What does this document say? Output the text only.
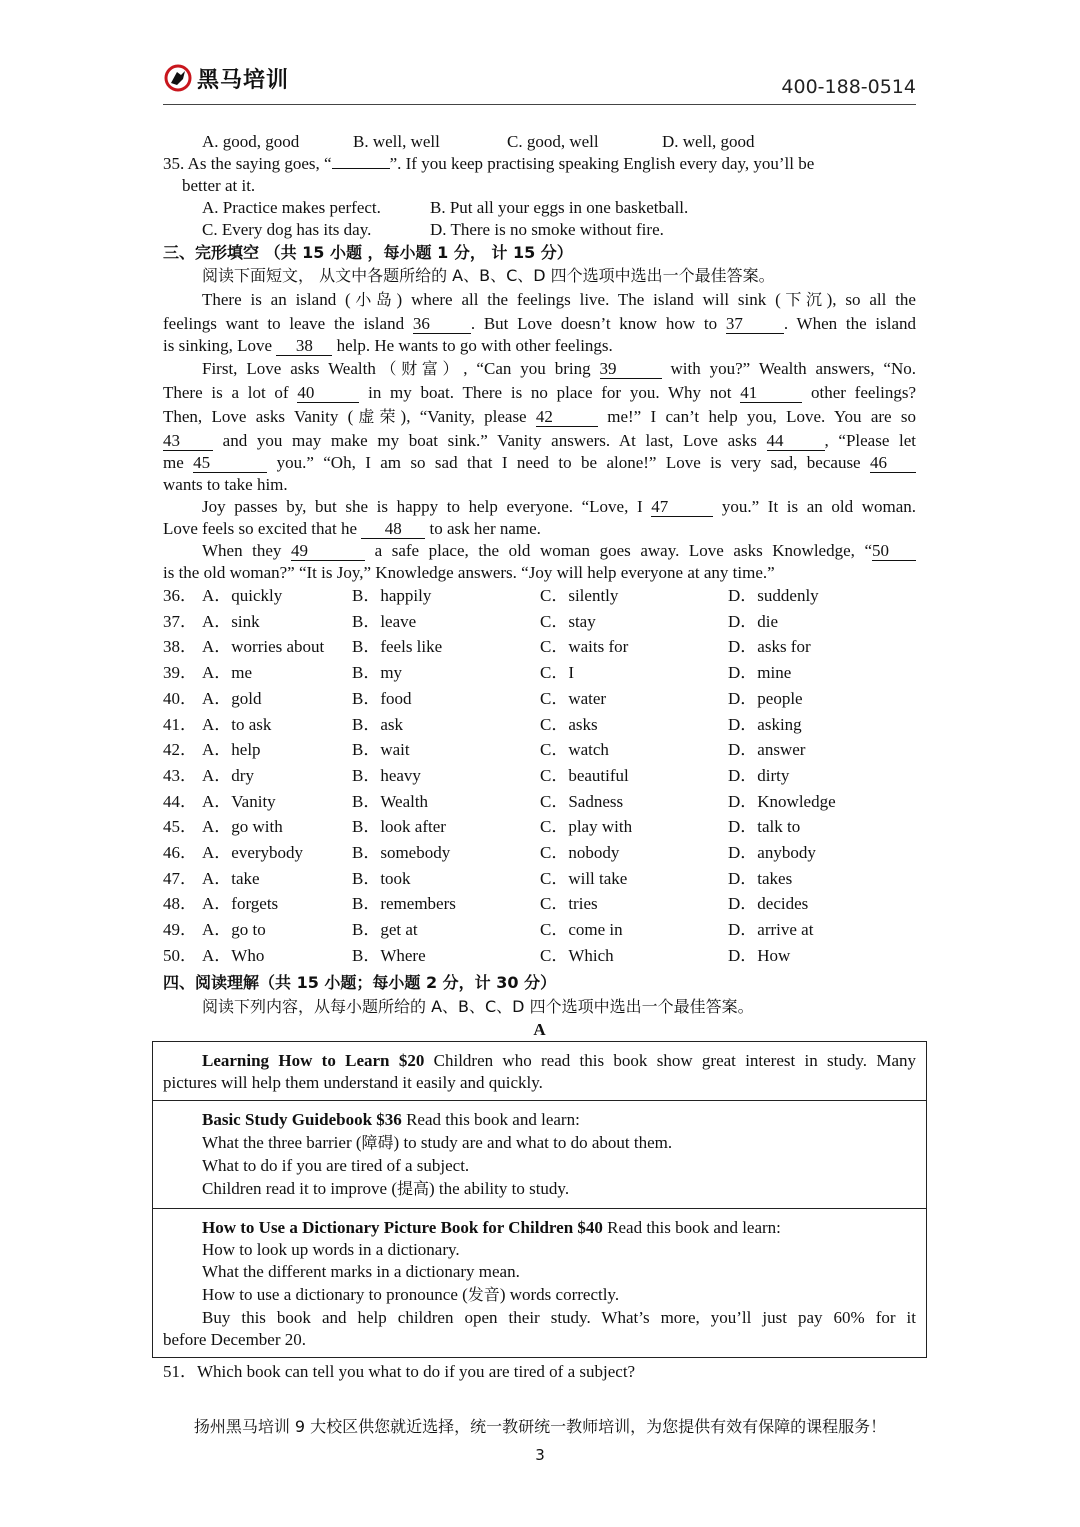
黑马培训	400-188-0514
A. good, good	B. well, well	C. good, well	D. well, good
35. As the saying goes, “	”. If you keep practising speaking English every day, you’ll be
better at it.
A. Practice makes perfect.	B. Put all your eggs in one basketball.
C. Every dog has its day.	D. There is no smoke without fire.
三、完形填空 （共 15 小题 ，每小题 1 分， 计 15 分）
阅读下面短文， 从文中各题所给的 A、B、C、D 四个选项中选出一个最佳答案。
There is an island (小岛) where all the feelings live. The island will sink (下沉), so all the
feelings want to leave the island 36 . But Love doesn’t know how to 37 . When the island
is sinking, Love 38 help. He wants to go with other feelings.
First, Love asks Wealth（财富）, “Can you bring 39	with you?” Wealth answers, “No.
There is a lot of 40	in my boat. There is no place for you. Why not 41	other feelings?
Then, Love asks Vanity (虚荣), “Vanity, please 42	me!” I can’t help you, Love. You are so
43	and you may make my boat sink.” Vanity answers. At last, Love asks 44 , “Please let
me 45	you.” “Oh, I am so sad that I need to be alone!” Love is very sad, because 46
wants to take him.
Joy passes by, but she is happy to help everyone. “Love, I 47	you.” It is an old woman.
Love feels so excited that he 48 to ask her name.
When they 49	a safe place, the old woman goes away. Love asks Knowledge, “50
is the old woman?” “It is Joy,” Knowledge answers. “Joy will help everyone at any time.”
36． A．quickly	B．happily	C．silently	D．suddenly
37． A．sink	B．leave	C．stay	D．die
38． A．worries about B．feels like	C．waits for	D．asks for
39． A．me	B．my	C．I	D．mine
40． A．gold	B．food	C．water	D．people
41． A．to ask	B．ask	C．asks	D．asking
42． A．help	B．wait	C．watch	D．answer
43． A．dry	B．heavy	C．beautiful	D．dirty
44． A．Vanity	B．Wealth	C．Sadness	D．Knowledge
45． A．go with	B．look after	C．play with	D．talk to
46． A．everybody	B．somebody	C．nobody	D．anybody
47． A．take	B．took	C．will take	D．takes
48． A．forgets	B．remembers	C．tries	D．decides
49． A．go to	B．get at	C．come in	D．arrive at
50． A．Who	B．Where	C．Which	D．How
四、阅读理解（共 15 小题；每小题 2 分，计 30 分）
阅读下列内容，从每小题所给的 A、B、C、D 四个选项中选出一个最佳答案。
A
Learning How to Learn $20 Children who read this book show great interest in study. Many
pictures will help them understand it easily and quickly.
Basic Study Guidebook $36 Read this book and learn:
What the three barrier (障碍) to study are and what to do about them.
What to do if you are tired of a subject.
Children read it to improve (提高) the ability to study.
How to Use a Dictionary Picture Book for Children $40 Read this book and learn:
How to look up words in a dictionary.
What the different marks in a dictionary mean.
How to use a dictionary to pronounce (发音) words correctly.
Buy this book and help children open their study. What’s more, you’ll just pay 60% for it
before December 20.
51．Which book can tell you what to do if you are tired of a subject?
扬州黑马培训 9 大校区供您就近选择，统一教研统一教师培训，为您提供有效有保障的课程服务！
3
